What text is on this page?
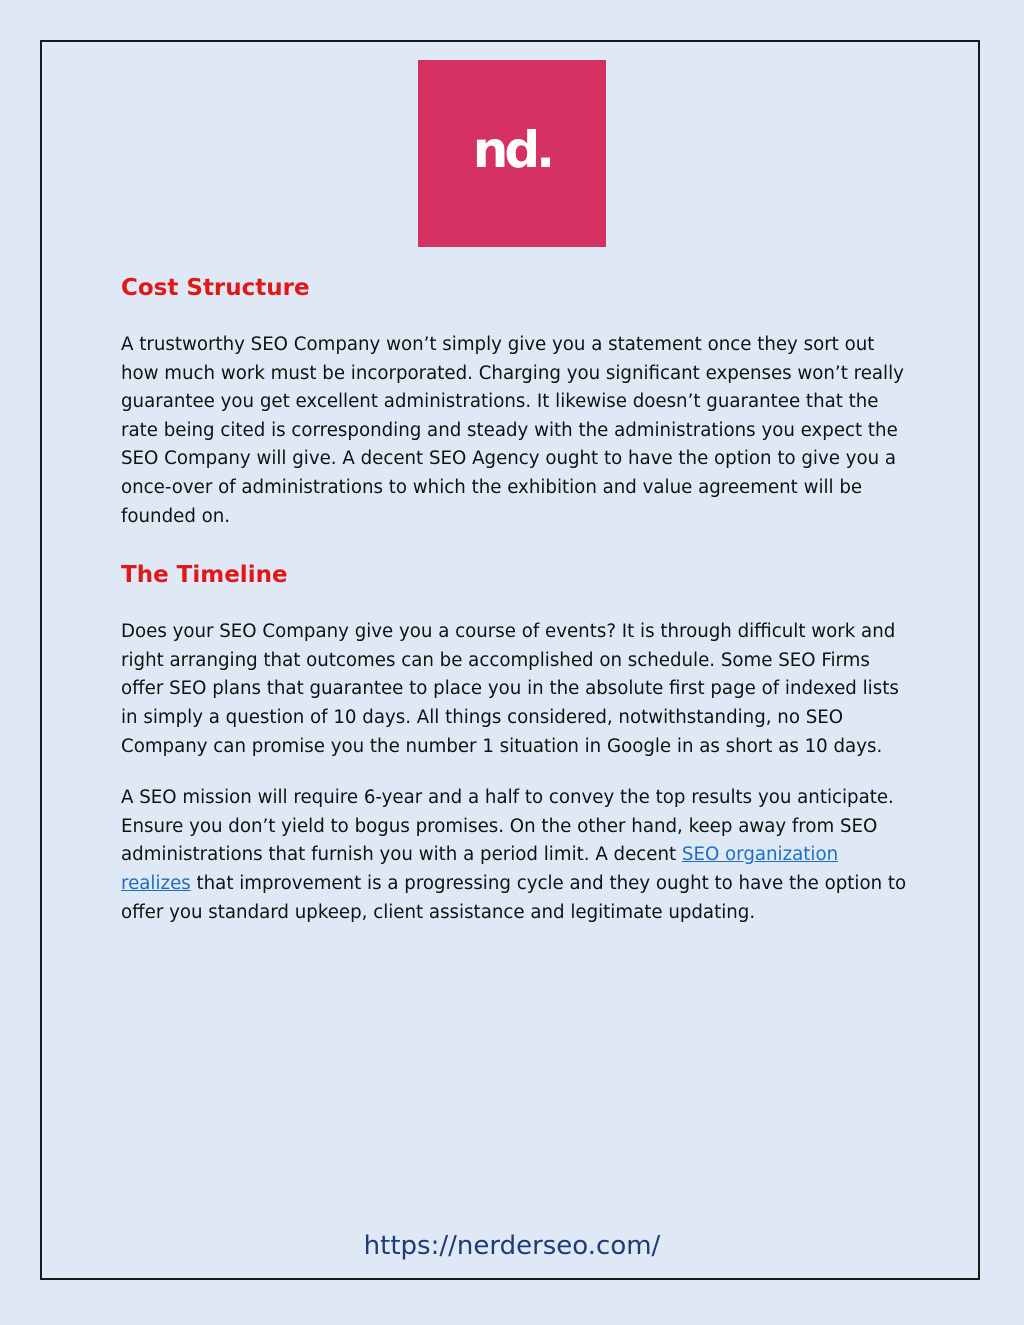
nd.
Cost Structure

A trustworthy SEO Company won’t simply give you a statement once they sort out how much work must be incorporated. Charging you significant expenses won’t really guarantee you get excellent administrations. It likewise doesn’t guarantee that the rate being cited is corresponding and steady with the administrations you expect the SEO Company will give. A decent SEO Agency ought to have the option to give you a once-over of administrations to which the exhibition and value agreement will be founded on.

The Timeline

Does your SEO Company give you a course of events? It is through difficult work and right arranging that outcomes can be accomplished on schedule. Some SEO Firms offer SEO plans that guarantee to place you in the absolute first page of indexed lists in simply a question of 10 days. All things considered, notwithstanding, no SEO Company can promise you the number 1 situation in Google in as short as 10 days.

A SEO mission will require 6-year and a half to convey the top results you anticipate. Ensure you don’t yield to bogus promises. On the other hand, keep away from SEO administrations that furnish you with a period limit. A decent SEO organization realizes that improvement is a progressing cycle and they ought to have the option to offer you standard upkeep, client assistance and legitimate updating.

https://nerderseo.com/
